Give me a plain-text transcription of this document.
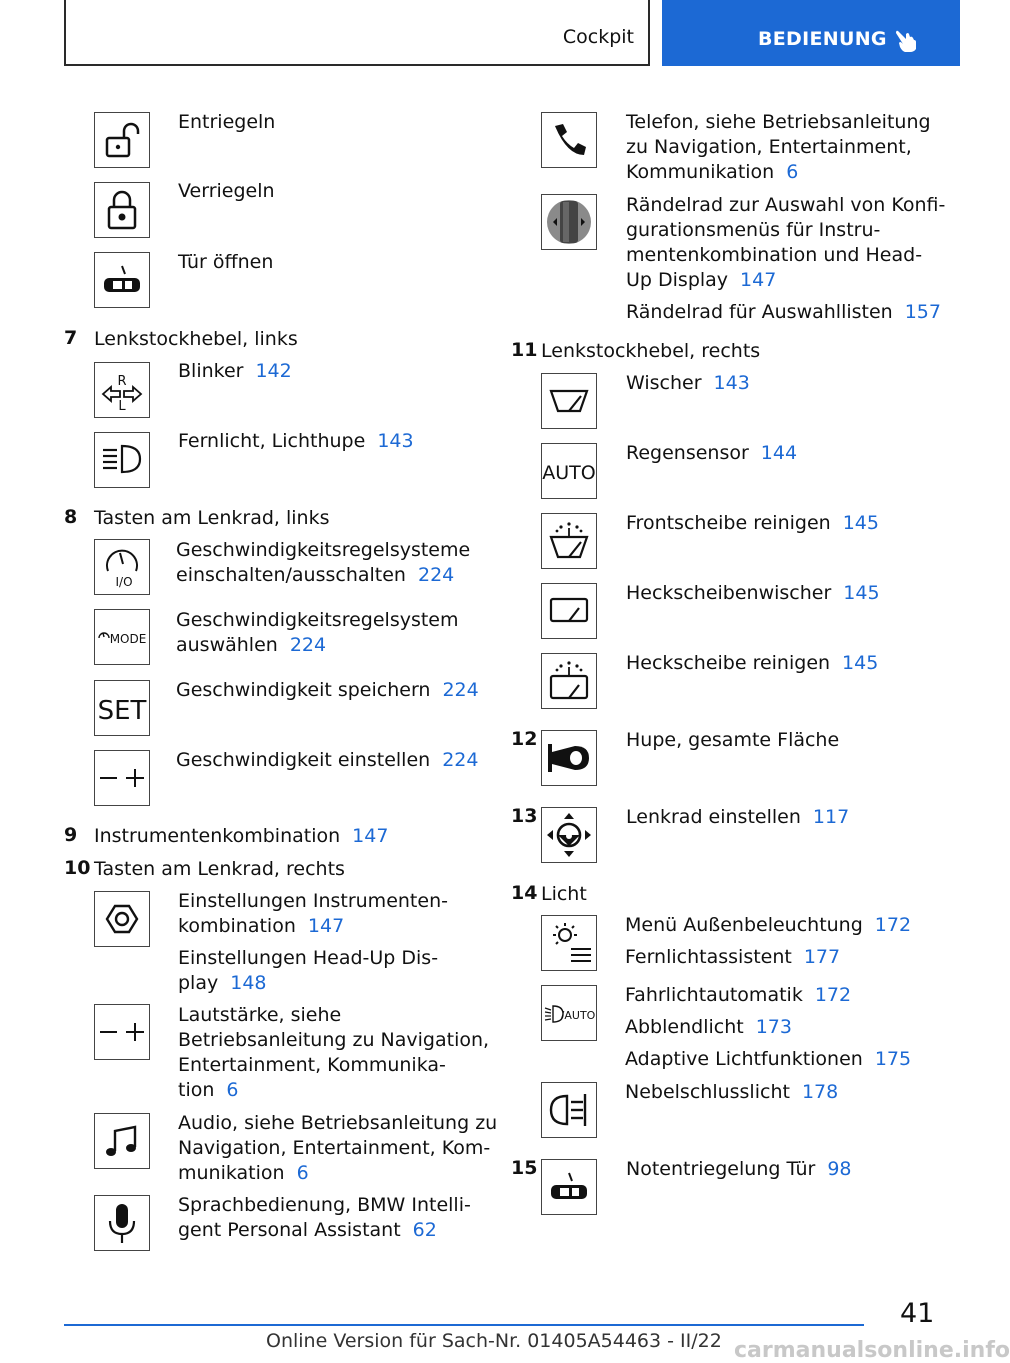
Cockpit	BEDIENUNG
Entriegeln
Verriegeln
Tür öffnen
7 Lenkstockhebel, links
R
L
Blinker 142
Fernlicht, Lichthupe 143
8 Tasten am Lenkrad, links
I/O
Geschwindigkeitsregelsysteme
einschalten/ausschalten 224
MODE
Geschwindigkeitsregelsystem
auswählen 224
SET
Geschwindigkeit speichern 224
Geschwindigkeit einstellen 224
9 Instrumentenkombination 147
10 Tasten am Lenkrad, rechts
Einstellungen Instrumenten-
kombination 147
Einstellungen Head-Up Dis-
play 148
Lautstärke, siehe
Betriebsanleitung zu Navigation,
Entertainment, Kommunika-
tion 6
Audio, siehe Betriebsanleitung zu
Navigation, Entertainment, Kom-
munikation 6
Sprachbedienung, BMW Intelli-
gent Personal Assistant 62
Telefon, siehe Betriebsanleitung
zu Navigation, Entertainment,
Kommunikation 6
Rändelrad zur Auswahl von Konfi-
gurationsmenüs für Instru-
mentenkombination und Head-
Up Display 147
Rändelrad für Auswahllisten 157
11 Lenkstockhebel, rechts
Wischer 143
AUTO
Regensensor 144
Frontscheibe reinigen 145
Heckscheibenwischer 145
Heckscheibe reinigen 145
12	Hupe, gesamte Fläche
13	Lenkrad einstellen 117
14 Licht
Menü Außenbeleuchtung 172
Fernlichtassistent 177
/AUTO
Fahrlichtautomatik 172
Abblendlicht 173
Adaptive Lichtfunktionen 175
Nebelschlusslicht 178
15	Notentriegelung Tür 98
41
Online Version für Sach-Nr. 01405A54463 - II/22 carmanualsonline.info
